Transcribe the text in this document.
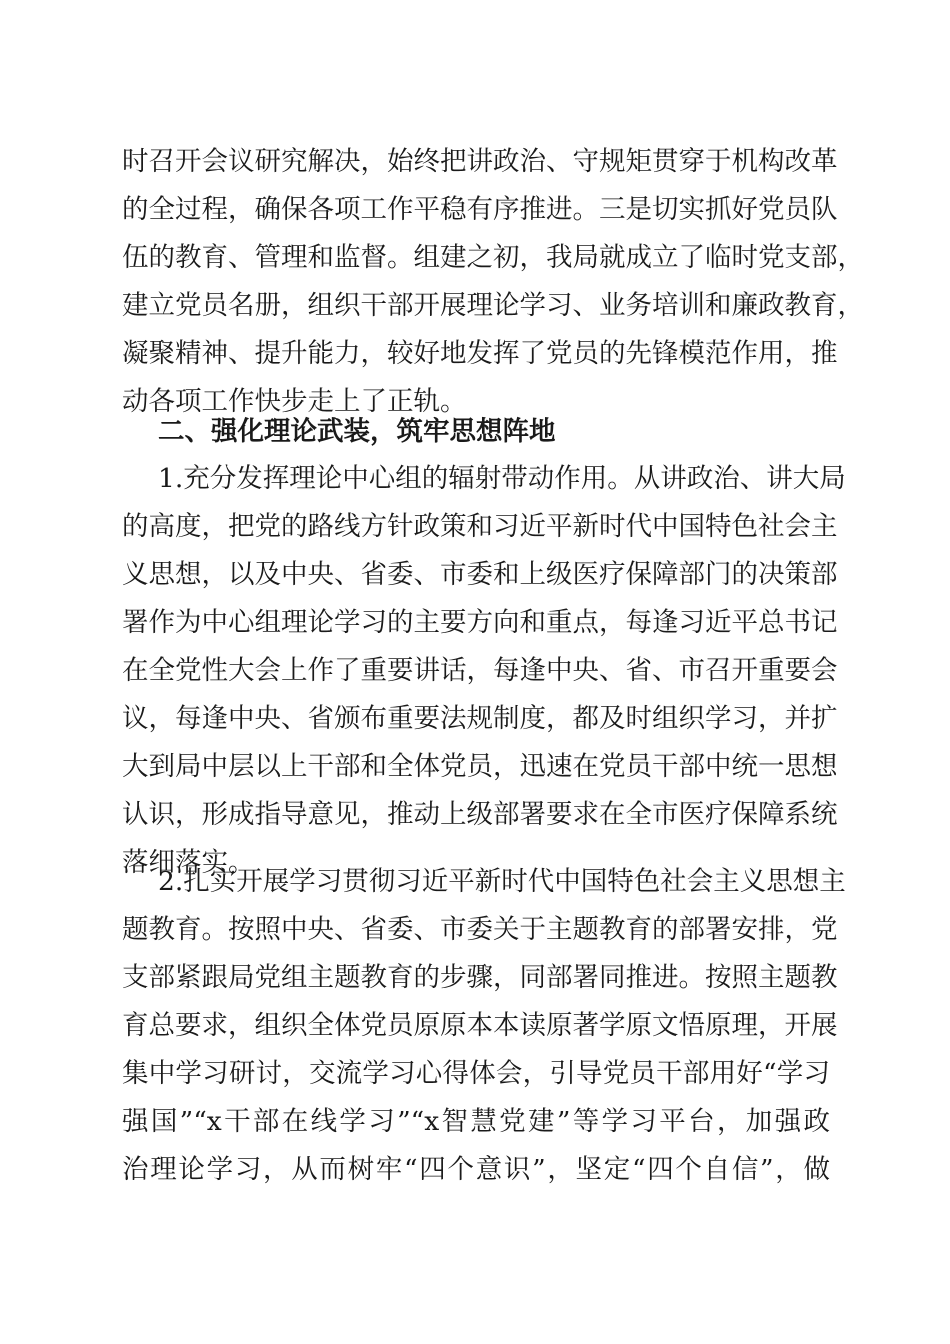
时召开会议研究解决，始终把讲政治、守规矩贯穿于机构改革
的全过程，确保各项工作平稳有序推进。三是切实抓好党员队
伍的教育、管理和监督。组建之初，我局就成立了临时党支部，
建立党员名册，组织干部开展理论学习、业务培训和廉政教育，
凝聚精神、提升能力，较好地发挥了党员的先锋模范作用，推
动各项工作快步走上了正轨。
二、强化理论武装，筑牢思想阵地
1.充分发挥理论中心组的辐射带动作用。从讲政治、讲大局
的高度，把党的路线方针政策和习近平新时代中国特色社会主
义思想，以及中央、省委、市委和上级医疗保障部门的决策部
署作为中心组理论学习的主要方向和重点，每逢习近平总书记
在全党性大会上作了重要讲话，每逢中央、省、市召开重要会
议，每逢中央、省颁布重要法规制度，都及时组织学习，并扩
大到局中层以上干部和全体党员，迅速在党员干部中统一思想
认识，形成指导意见，推动上级部署要求在全市医疗保障系统
落细落实。
2.扎实开展学习贯彻习近平新时代中国特色社会主义思想主
题教育。按照中央、省委、市委关于主题教育的部署安排，党
支部紧跟局党组主题教育的步骤，同部署同推进。按照主题教
育总要求，组织全体党员原原本本读原著学原文悟原理，开展
集中学习研讨，交流学习心得体会，引导党员干部用好“学习
强国”“x干部在线学习”“x智慧党建”等学习平台，加强政
治理论学习，从而树牢“四个意识”，坚定“四个自信”，做
